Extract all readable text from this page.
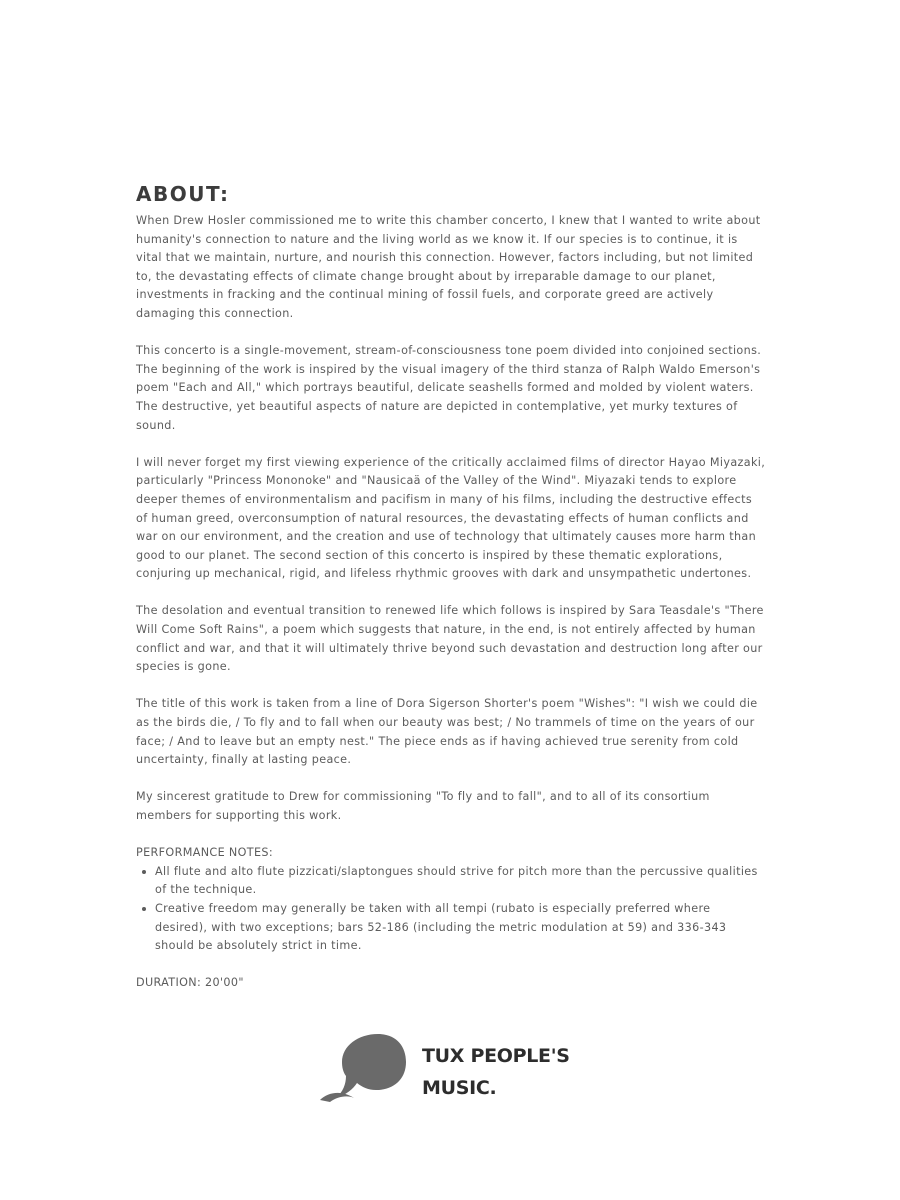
ABOUT:

When Drew Hosler commissioned me to write this chamber concerto, I knew that I wanted to write about humanity's connection to nature and the living world as we know it. If our species is to continue, it is vital that we maintain, nurture, and nourish this connection. However, factors including, but not limited to, the devastating effects of climate change brought about by irreparable damage to our planet, investments in fracking and the continual mining of fossil fuels, and corporate greed are actively damaging this connection.

This concerto is a single-movement, stream-of-consciousness tone poem divided into conjoined sections. The beginning of the work is inspired by the visual imagery of the third stanza of Ralph Waldo Emerson's poem "Each and All," which portrays beautiful, delicate seashells formed and molded by violent waters. The destructive, yet beautiful aspects of nature are depicted in contemplative, yet murky textures of sound.

I will never forget my first viewing experience of the critically acclaimed films of director Hayao Miyazaki, particularly "Princess Mononoke" and "Nausicaä of the Valley of the Wind". Miyazaki tends to explore deeper themes of environmentalism and pacifism in many of his films, including the destructive effects of human greed, overconsumption of natural resources, the devastating effects of human conflicts and war on our environment, and the creation and use of technology that ultimately causes more harm than good to our planet. The second section of this concerto is inspired by these thematic explorations, conjuring up mechanical, rigid, and lifeless rhythmic grooves with dark and unsympathetic undertones.

The desolation and eventual transition to renewed life which follows is inspired by Sara Teasdale's "There Will Come Soft Rains", a poem which suggests that nature, in the end, is not entirely affected by human conflict and war, and that it will ultimately thrive beyond such devastation and destruction long after our species is gone.

The title of this work is taken from a line of Dora Sigerson Shorter's poem "Wishes": "I wish we could die as the birds die, / To fly and to fall when our beauty was best; / No trammels of time on the years of our face; / And to leave but an empty nest." The piece ends as if having achieved true serenity from cold uncertainty, finally at lasting peace.

My sincerest gratitude to Drew for commissioning "To fly and to fall", and to all of its consortium members for supporting this work.

PERFORMANCE NOTES:

All flute and alto flute pizzicati/slaptongues should strive for pitch more than the percussive qualities of the technique.
Creative freedom may generally be taken with all tempi (rubato is especially preferred where desired), with two exceptions; bars 52-186 (including the metric modulation at 59) and 336-343 should be absolutely strict in time.

DURATION: 20'00"

TUX PEOPLE'S
MUSIC.
